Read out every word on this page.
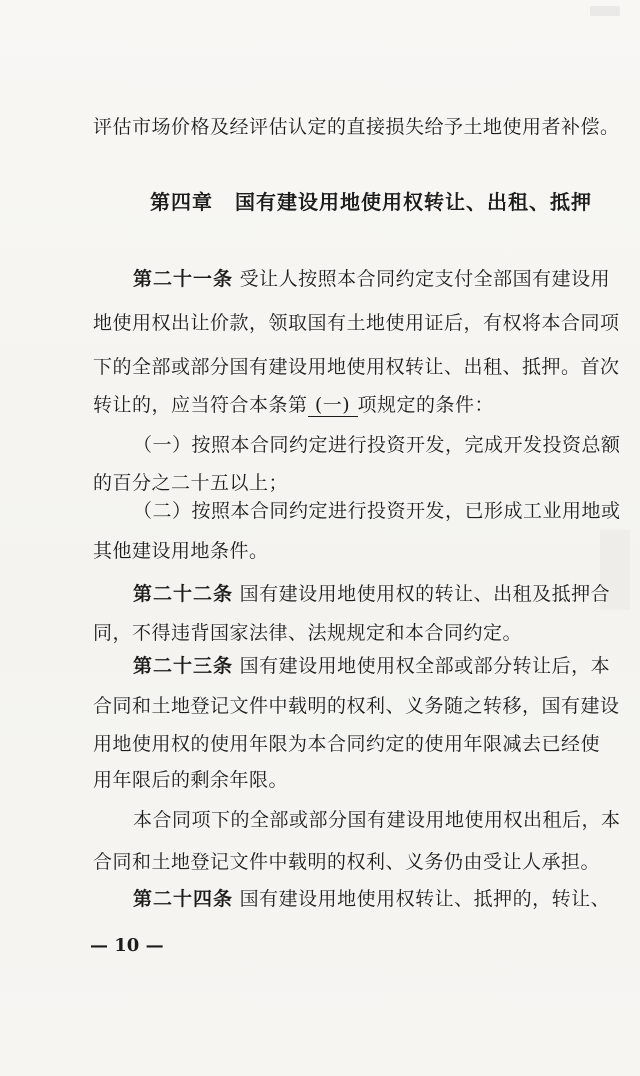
评估市场价格及经评估认定的直接损失给予土地使用者补偿。
第四章 国有建设用地使用权转让、出租、抵押
第二十一条 受让人按照本合同约定支付全部国有建设用
地使用权出让价款，领取国有土地使用证后，有权将本合同项
下的全部或部分国有建设用地使用权转让、出租、抵押。首次
转让的，应当符合本条第 (一) 项规定的条件：
（一）按照本合同约定进行投资开发，完成开发投资总额
的百分之二十五以上；
（二）按照本合同约定进行投资开发，已形成工业用地或
其他建设用地条件。
第二十二条 国有建设用地使用权的转让、出租及抵押合
同，不得违背国家法律、法规规定和本合同约定。
第二十三条 国有建设用地使用权全部或部分转让后，本
合同和土地登记文件中载明的权利、义务随之转移，国有建设
用地使用权的使用年限为本合同约定的使用年限减去已经使
用年限后的剩余年限。
本合同项下的全部或部分国有建设用地使用权出租后，本
合同和土地登记文件中载明的权利、义务仍由受让人承担。
第二十四条 国有建设用地使用权转让、抵押的，转让、
— 10 —
